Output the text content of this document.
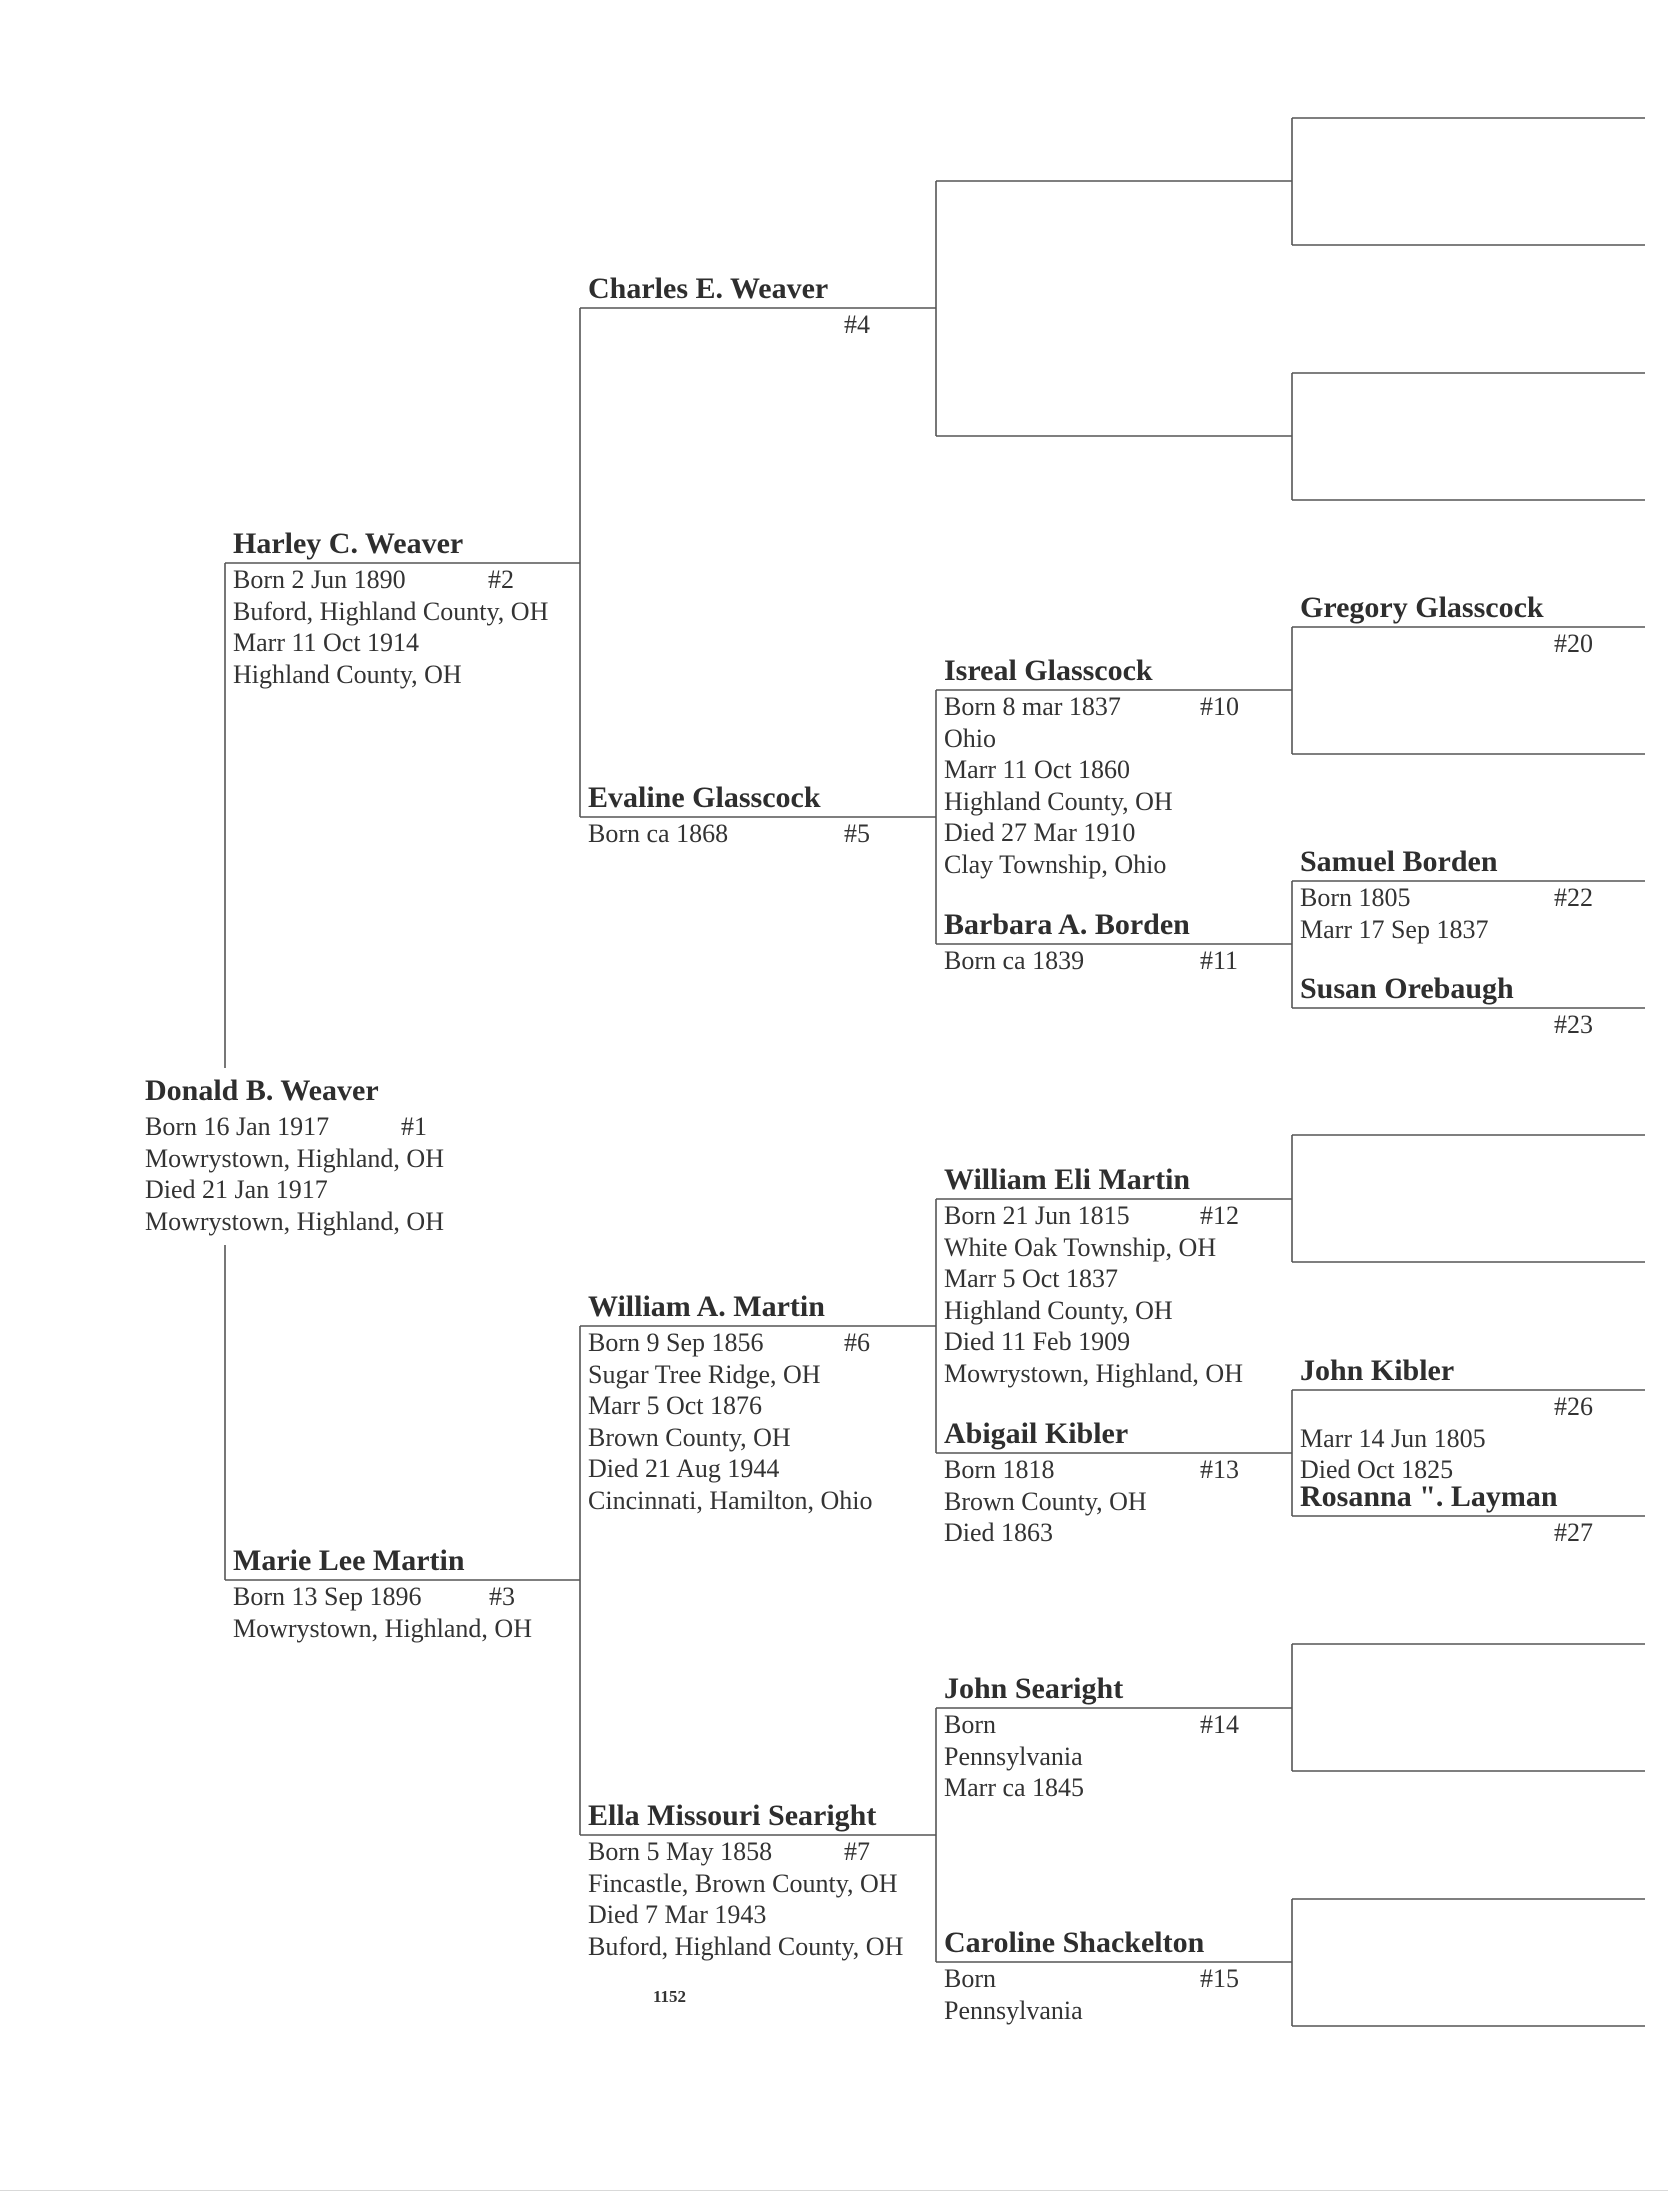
Donald B. Weaver
Born 16 Jan 1917	#1
Mowrystown, Highland, OH
Died 21 Jan 1917
Mowrystown, Highland, OH
Harley C. Weaver
Born 2 Jun 1890	#2
Buford, Highland County, OH
Marr 11 Oct 1914
Highland County, OH
Marie Lee Martin
Born 13 Sep 1896	#3
Mowrystown, Highland, OH
Charles E. Weaver
#4

Evaline Glasscock
Born ca 1868	#5
William A. Martin
Born 9 Sep 1856	#6
Sugar Tree Ridge, OH
Marr 5 Oct 1876
Brown County, OH
Died 21 Aug 1944
Cincinnati, Hamilton, Ohio
Ella Missouri Searight
Born 5 May 1858	#7
Fincastle, Brown County, OH
Died 7 Mar 1943
Buford, Highland County, OH
Isreal Glasscock
Born 8 mar 1837	#10
Ohio
Marr 11 Oct 1860
Highland County, OH
Died 27 Mar 1910
Clay Township, Ohio
Barbara A. Borden
Born ca 1839	#11
William Eli Martin
Born 21 Jun 1815	#12
White Oak Township, OH
Marr 5 Oct 1837
Highland County, OH
Died 11 Feb 1909
Mowrystown, Highland, OH
Abigail Kibler
Born 1818	#13
Brown County, OH
Died 1863
John Searight
Born	#14
Pennsylvania
Marr ca 1845
Caroline Shackelton
Born	#15
Pennsylvania
Gregory Glasscock
#20

Samuel Borden
Born 1805	#22
Marr 17 Sep 1837
Susan Orebaugh
#23

John Kibler
#26

Marr 14 Jun 1805
Died Oct 1825
Rosanna ". Layman
#27

1152
